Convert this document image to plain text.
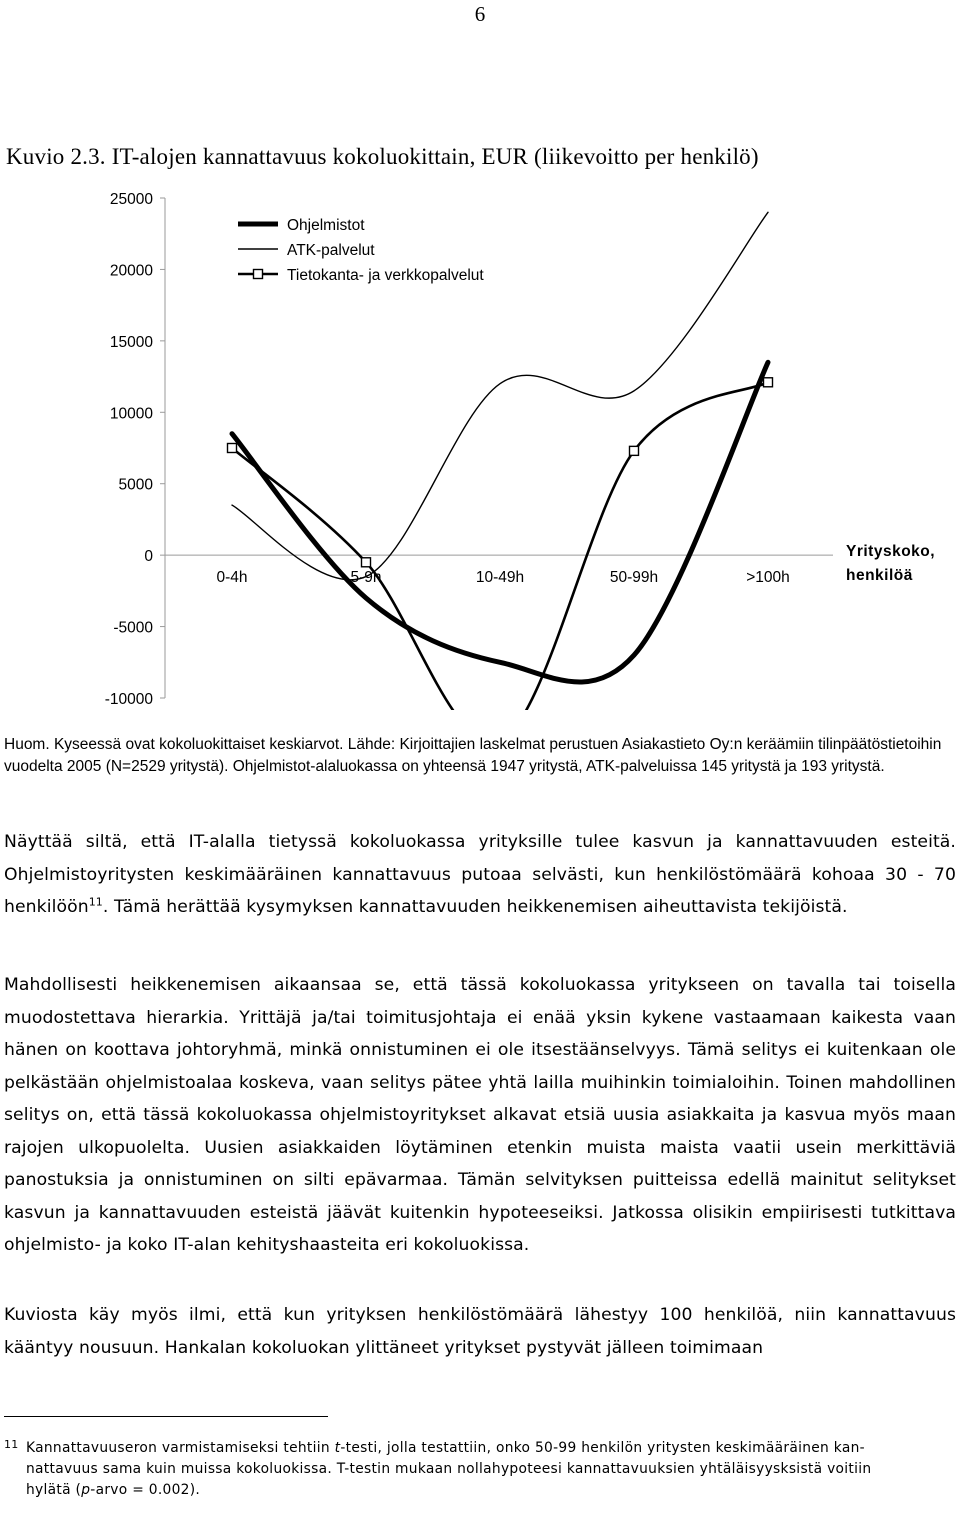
6
Kuvio 2.3. IT-alojen kannattavuus kokoluokittain, EUR (liikevoitto per henkilö)
25000
20000
15000
10000
5000
0
-5000
-10000
0-4h	5-9h	10-49h	50-99h	>100h
Ohjelmistot
ATK-palvelut
Tietokanta- ja verkkopalvelut
Yrityskoko,
henkilöä
Huom. Kyseessä ovat kokoluokittaiset keskiarvot. Lähde: Kirjoittajien laskelmat perustuen Asiakastieto Oy:n keräämiin tilinpäätöstietoihin vuodelta 2005 (N=2529 yritystä). Ohjelmistot-alaluokassa on yhteensä 1947 yritystä, ATK-palveluissa 145 yritystä ja 193 yritystä.
Näyttää siltä, että IT-alalla tietyssä kokoluokassa yrityksille tulee kasvun ja kannattavuuden esteitä. Ohjelmistoyritysten keskimääräinen kannattavuus putoaa selvästi, kun henkilöstömäärä kohoaa 30 - 70 henkilöön$^{11}$. Tämä herättää kysymyksen kannattavuuden heikkenemisen aiheuttavista tekijöistä.
Mahdollisesti heikkenemisen aikaansaa se, että tässä kokoluokassa yritykseen on tavalla tai toisella muodostettava hierarkia. Yrittäjä ja/tai toimitusjohtaja ei enää yksin kykene vastaamaan kaikesta vaan hänen on koottava johtoryhmä, minkä onnistuminen ei ole itsestäänselvyys. Tämä selitys ei kuitenkaan ole pelkästään ohjelmistoalaa koskeva, vaan selitys pätee yhtä lailla muihinkin toimialoihin. Toinen mahdollinen selitys on, että tässä kokoluokassa ohjelmistoyritykset alkavat etsiä uusia asiakkaita ja kasvua myös maan rajojen ulkopuolelta. Uusien asiakkaiden löytäminen etenkin muista maista vaatii usein merkittäviä panostuksia ja onnistuminen on silti epävarmaa. Tämän selvityksen puitteissa edellä mainitut selitykset kasvun ja kannattavuuden esteistä jäävät kuitenkin hypoteeseiksi. Jatkossa olisikin empiirisesti tutkittava ohjelmisto- ja koko IT-alan kehityshaasteita eri kokoluokissa.
Kuviosta käy myös ilmi, että kun yrityksen henkilöstömäärä lähestyy 100 henkilöä, niin kannattavuus kääntyy nousuun. Hankalan kokoluokan ylittäneet yritykset pystyvät jälleen toimimaan
11 Kannattavuuseron varmistamiseksi tehtiin t-testi, jolla testattiin, onko 50-99 henkilön yritysten keskimääräinen kan-
nattavuus sama kuin muissa kokoluokissa. T-testin mukaan nollahypoteesi kannattavuuksien yhtäläisyysksistä voitiin
hylätä (p-arvo = 0.002).
